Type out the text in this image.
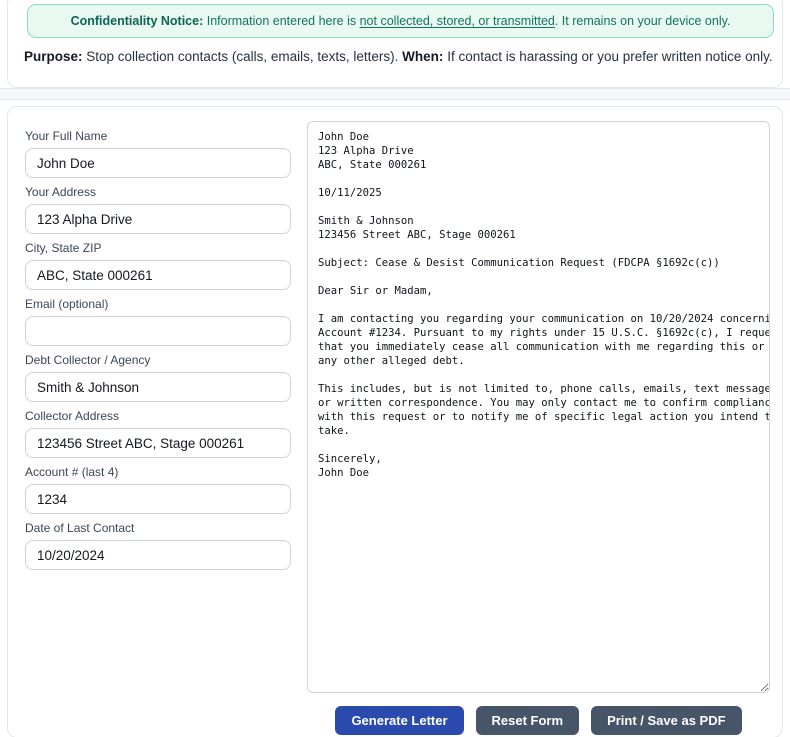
Confidentiality Notice: Information entered here is not collected, stored, or transmitted. It remains on your device only.

Purpose: Stop collection contacts (calls, emails, texts, letters). When: If contact is harassing or you prefer written notice only.

Your Full Name
John Doe
Your Address
123 Alpha Drive
City, State ZIP
ABC, State 000261
Email (optional)
Debt Collector / Agency
Smith & Johnson
Collector Address
123456 Street ABC, Stage 000261
Account # (last 4)
1234
Date of Last Contact
10/20/2024
John Doe 123 Alpha Drive ABC, State 000261 10/11/2025 Smith & Johnson 123456 Street ABC, Stage 000261 Subject: Cease & Desist Communication Request (FDCPA §1692c(c)) Dear Sir or Madam, I am contacting you regarding your communication on 10/20/2024 concerning Account #1234. Pursuant to my rights under 15 U.S.C. §1692c(c), I request that you immediately cease all communication with me regarding this or any other alleged debt. This includes, but is not limited to, phone calls, emails, text messages, or written correspondence. You may only contact me to confirm compliance with this request or to notify me of specific legal action you intend to take. Sincerely, John Doe
Generate Letter	Reset Form	Print / Save as PDF
